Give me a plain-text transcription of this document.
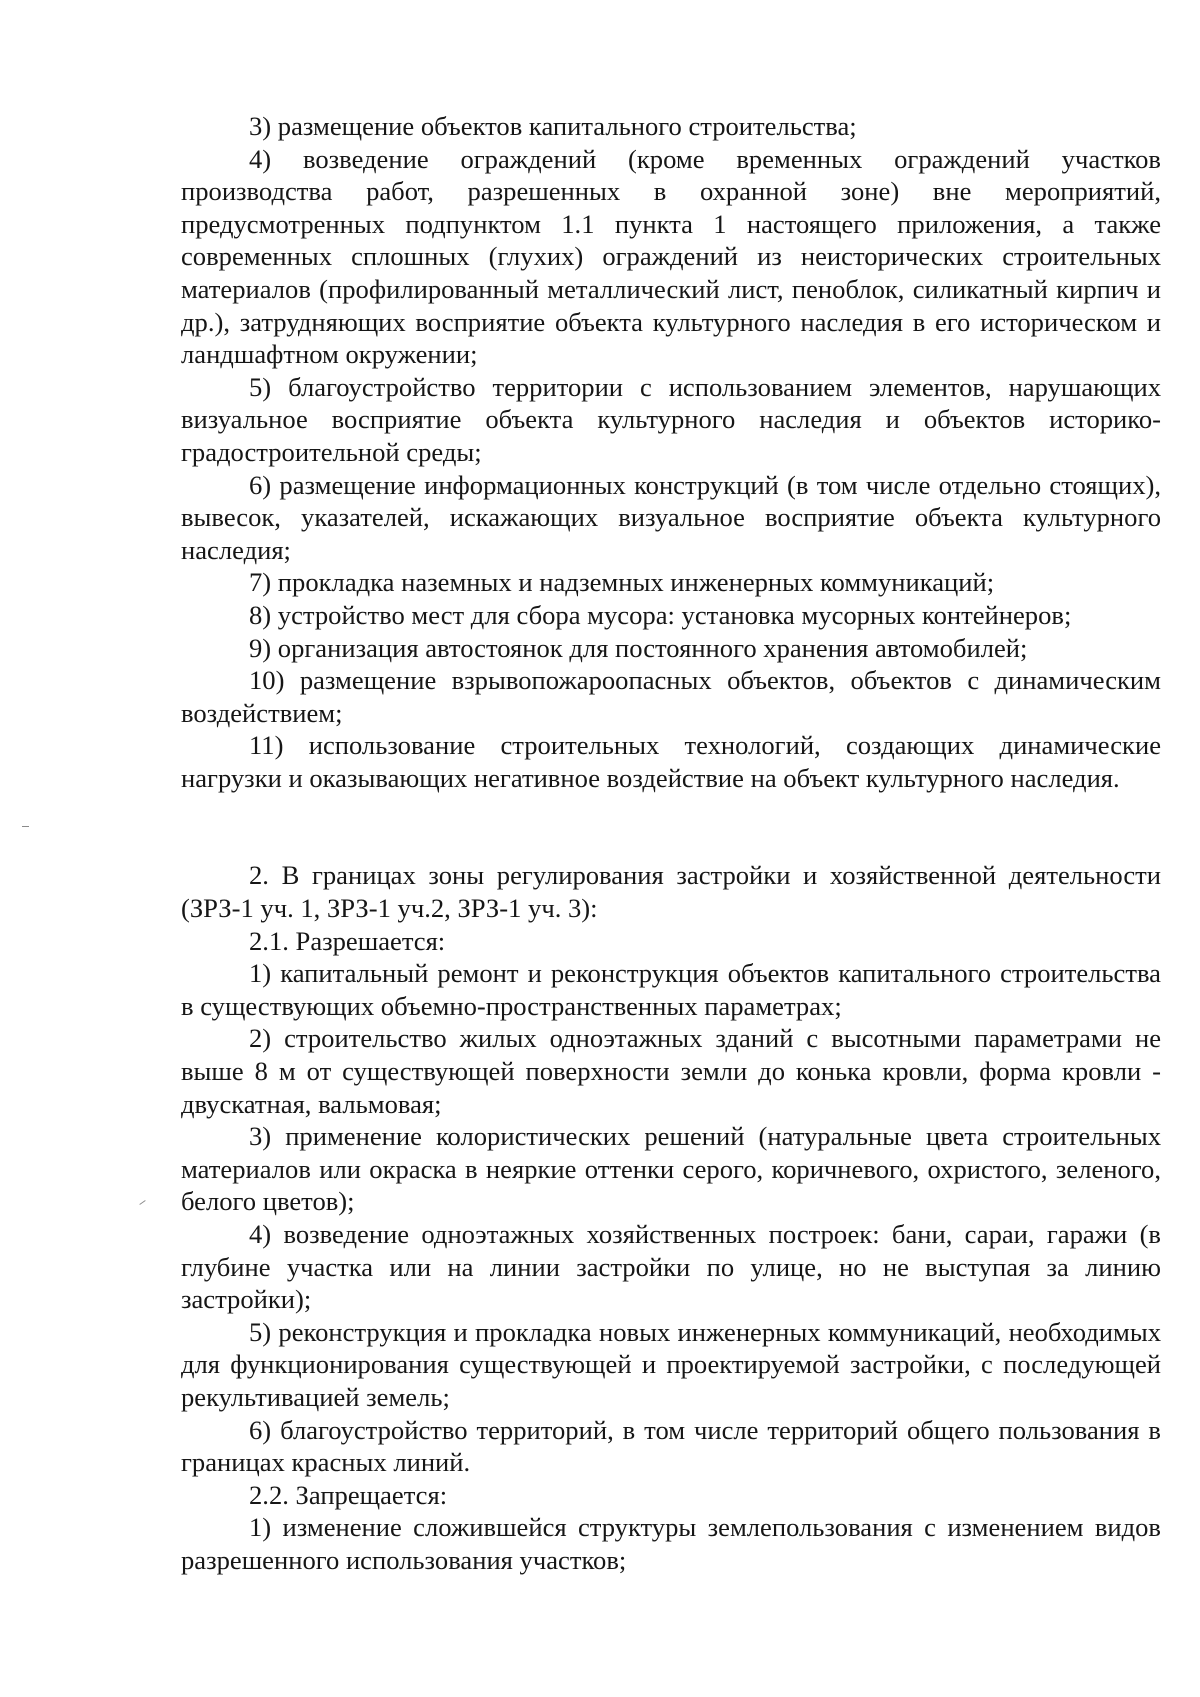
3) размещение объектов капитального строительства;

4) возведение ограждений (кроме временных ограждений участков производства работ, разрешенных в охранной зоне) вне мероприятий, предусмотренных подпунктом 1.1 пункта 1 настоящего приложения, а также современных сплошных (глухих) ограждений из неисторических строительных материалов (профилированный металлический лист, пеноблок, силикатный кирпич и др.), затрудняющих восприятие объекта культурного наследия в его историческом и ландшафтном окружении;

5) благоустройство территории с использованием элементов, нарушающих визуальное восприятие объекта культурного наследия и объектов историко-градостроительной среды;

6) размещение информационных конструкций (в том числе отдельно стоящих), вывесок, указателей, искажающих визуальное восприятие объекта культурного наследия;

7) прокладка наземных и надземных инженерных коммуникаций;

8) устройство мест для сбора мусора: установка мусорных контейнеров;

9) организация автостоянок для постоянного хранения автомобилей;

10) размещение взрывопожароопасных объектов, объектов с динамическим воздействием;

11) использование строительных технологий, создающих динамические нагрузки и оказывающих негативное воздействие на объект культурного наследия.

2. В границах зоны регулирования застройки и хозяйственной деятельности (ЗРЗ-1 уч. 1, ЗРЗ-1 уч.2, ЗРЗ-1 уч. 3):

2.1. Разрешается:

1) капитальный ремонт и реконструкция объектов капитального строительства в существующих объемно-пространственных параметрах;

2) строительство жилых одноэтажных зданий с высотными параметрами не выше 8 м от существующей поверхности земли до конька кровли, форма кровли - двускатная, вальмовая;

3) применение колористических решений (натуральные цвета строительных материалов или окраска в неяркие оттенки серого, коричневого, охристого, зеленого, белого цветов);

4) возведение одноэтажных хозяйственных построек: бани, сараи, гаражи (в глубине участка или на линии застройки по улице, но не выступая за линию застройки);

5) реконструкция и прокладка новых инженерных коммуникаций, необходимых для функционирования существующей и проектируемой застройки, с последующей рекультивацией земель;

6) благоустройство территорий, в том числе территорий общего пользования в границах красных линий.

2.2. Запрещается:

1) изменение сложившейся структуры землепользования с изменением видов разрешенного использования участков;
